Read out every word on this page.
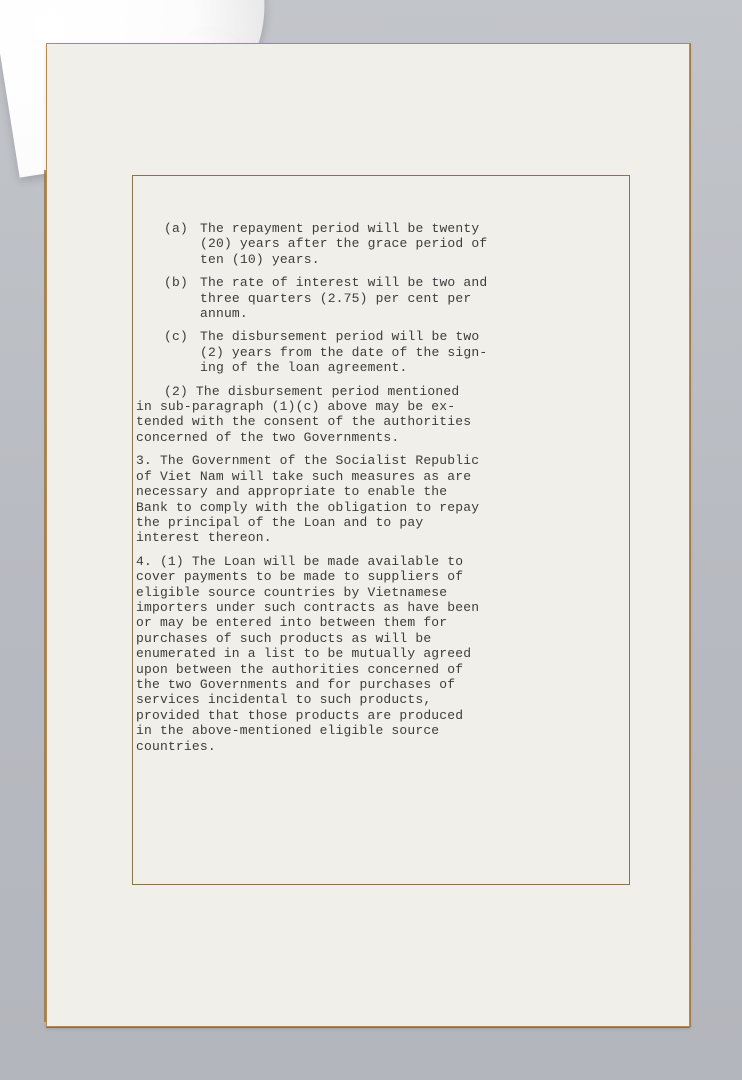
(a) The repayment period will be twenty
(20) years after the grace period of
ten (10) years.
(b) The rate of interest will be two and
three quarters (2.75) per cent per
annum.
(c) The disbursement period will be two
(2) years from the date of the sign-
ing of the loan agreement.
(2) The disbursement period mentioned
in sub-paragraph (1)(c) above may be ex-
tended with the consent of the authorities
concerned of the two Governments.
3. The Government of the Socialist Republic
of Viet Nam will take such measures as are
necessary and appropriate to enable the
Bank to comply with the obligation to repay
the principal of the Loan and to pay
interest thereon.
4. (1) The Loan will be made available to
cover payments to be made to suppliers of
eligible source countries by Vietnamese
importers under such contracts as have been
or may be entered into between them for
purchases of such products as will be
enumerated in a list to be mutually agreed
upon between the authorities concerned of
the two Governments and for purchases of
services incidental to such products,
provided that those products are produced
in the above-mentioned eligible source
countries.
